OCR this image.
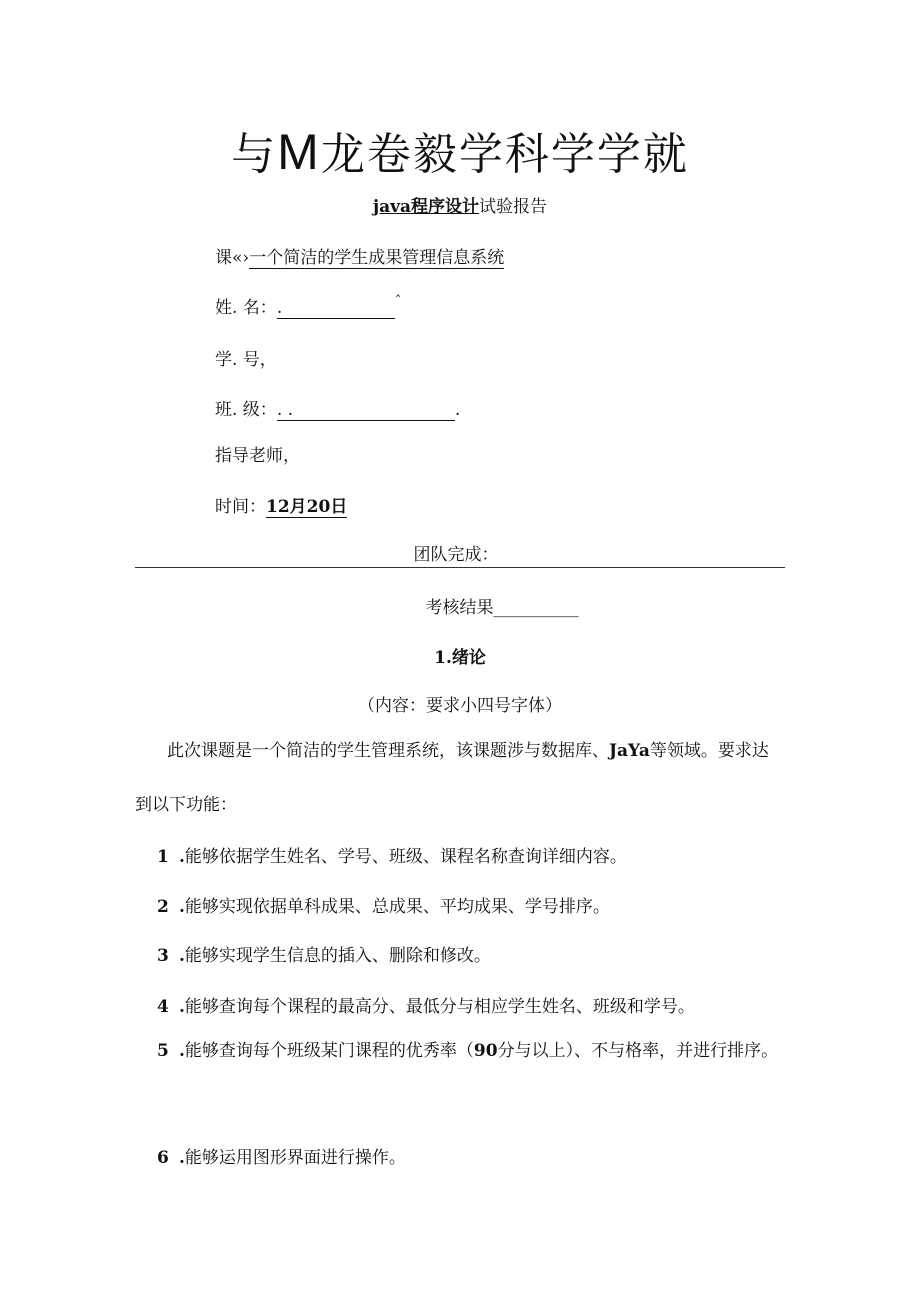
与M龙卷毅学科学学就
java程序设计试验报告
课«›一个简洁的学生成果管理信息系统
姓. 名：.	$^ˆ$
学. 号，
班. 级：. .	.
指导老师，
时间：12月20日
团队完成：
考核结果__________
1.绪论
（内容：要求小四号字体）
此次课题是一个简洁的学生管理系统，该课题涉与数据库、JaYa等领域。要求达到以下功能：
1 .能够依据学生姓名、学号、班级、课程名称查询详细内容。
2 .能够实现依据单科成果、总成果、平均成果、学号排序。
3 .能够实现学生信息的插入、删除和修改。
4 .能够查询每个课程的最高分、最低分与相应学生姓名、班级和学号。
5 .能够查询每个班级某门课程的优秀率（90分与以上）、不与格率，并进行排序。
6 .能够运用图形界面进行操作。
